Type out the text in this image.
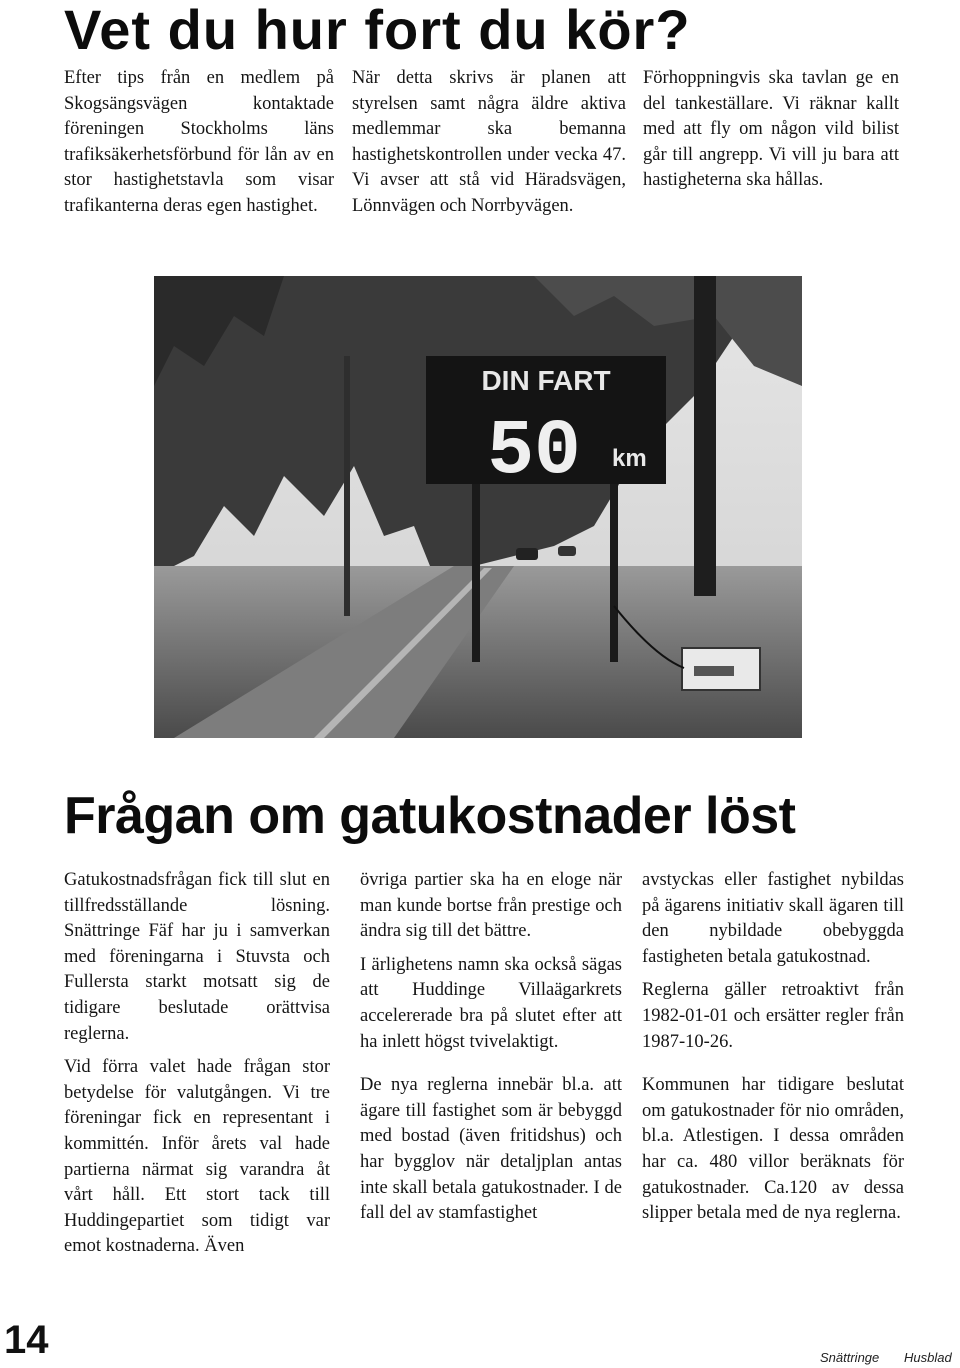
Vet du hur fort du kör?

Efter tips från en medlem på Skogsängsvägen kontaktade föreningen Stockholms läns trafiksäkerhetsförbund för lån av en stor hastighetstavla som visar trafikanterna deras egen hastighet.

När detta skrivs är planen att styrelsen samt några äldre aktiva medlemmar ska bemanna hastighetskontrollen under vecka 47. Vi avser att stå vid Häradsvägen, Lönnvägen och Norrbyvägen.

Förhoppningvis ska tavlan ge en del tankeställare. Vi räknar kallt med att fly om någon vild bilist går till angrepp. Vi vill ju bara att hastigheterna ska hållas.

DIN FART
50 km
Frågan om gatukostnader löst

Gatukostnadsfrågan fick till slut en tillfredsställande lösning. Snättringe Fäf har ju i samverkan med föreningarna i Stuvsta och Fullersta starkt motsatt sig de tidigare beslutade orättvisa reglerna.

Vid förra valet hade frågan stor betydelse för valutgången. Vi tre föreningar fick en representant i kommittén. Inför årets val hade partierna närmat sig varandra åt vårt håll. Ett stort tack till Huddingepartiet som tidigt var emot kostnaderna. Även

övriga partier ska ha en eloge när man kunde bortse från prestige och ändra sig till det bättre.

I ärlighetens namn ska också sägas att Huddinge Villaägarkrets accelererade bra på slutet efter att ha inlett högst tvivelaktigt.

De nya reglerna innebär bl.a. att ägare till fastighet som är bebyggd med bostad (även fritidshus) och har bygglov när detaljplan antas inte skall betala gatukostnader. I de fall del av stamfastighet

avstyckas eller fastighet nybildas på ägarens initiativ skall ägaren till den nybildade obebyggda fastigheten betala gatukostnad.

Reglerna gäller retroaktivt från 1982-01-01 och ersätter regler från 1987-10-26.

Kommunen har tidigare beslutat om gatukostnader för nio områden, bl.a. Atlestigen. I dessa områden har ca. 480 villor beräknats för gatukostnader. Ca.120 av dessa slipper betala med de nya reglerna.

14	Snättringe Husblad
